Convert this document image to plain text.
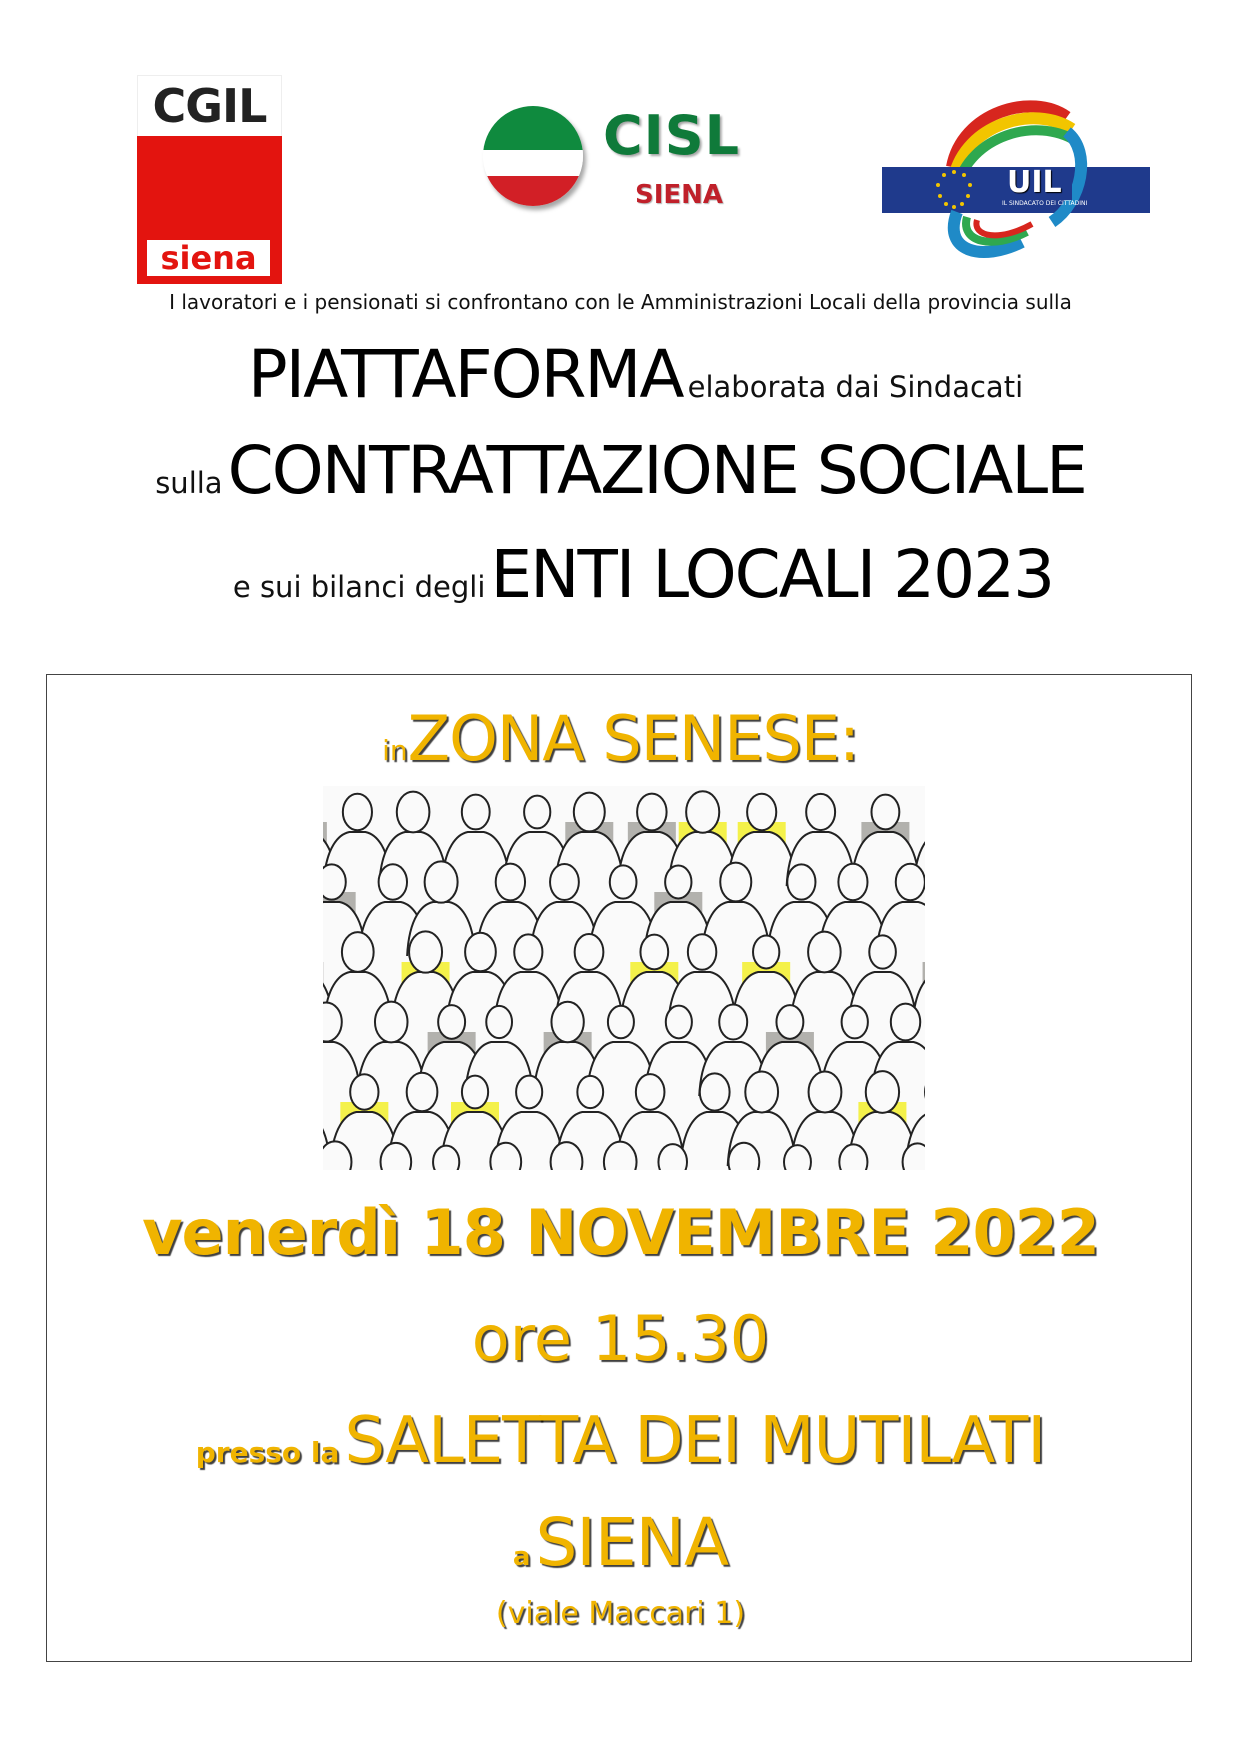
CGIL
siena
CISL
SIENA	UIL
IL SINDACATO DEI CITTADINI
I lavoratori e i pensionati si confrontano con le Amministrazioni Locali della provincia sulla
PIATTAFORMA elaborata dai Sindacati
sulla CONTRATTAZIONE SOCIALE
e sui bilanci degli ENTI LOCALI 2023
inZONA SENESE:
venerdì 18 NOVEMBRE 2022
ore 15.30
presso la SALETTA DEI MUTILATI
a SIENA
(viale Maccari 1)
